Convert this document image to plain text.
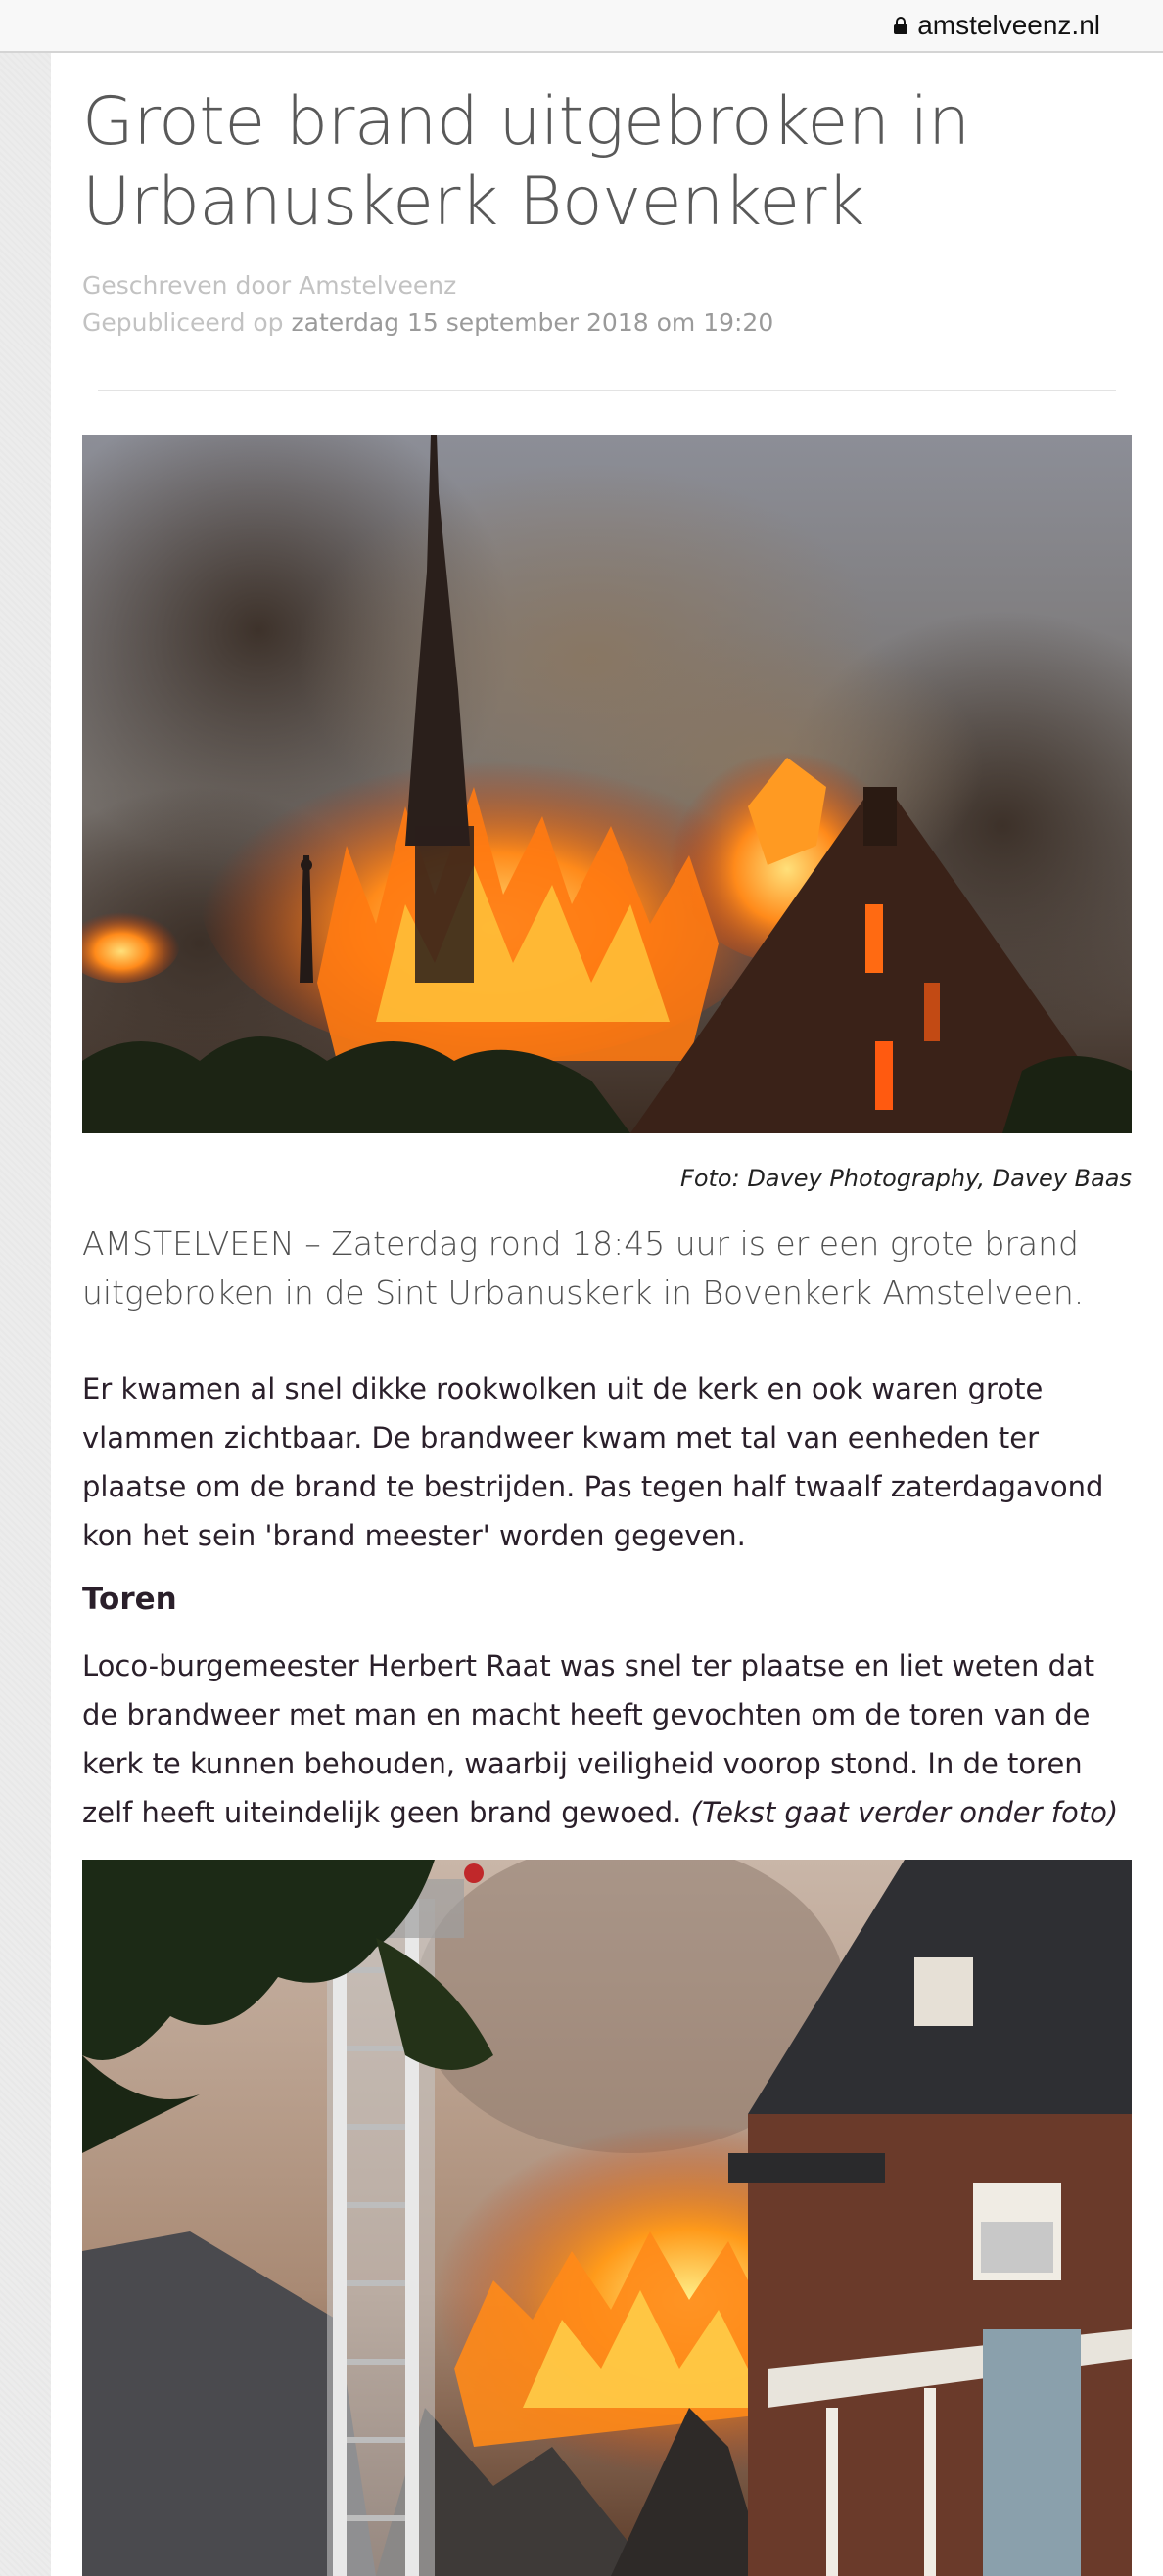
amstelveenz.nl
Grote brand uitgebroken in Urbanuskerk Bovenkerk
Geschreven door Amstelveenz
Gepubliceerd op zaterdag 15 september 2018 om 19:20
Foto: Davey Photography, Davey Baas

AMSTELVEEN – Zaterdag rond 18:45 uur is er een grote brand uitgebroken in de Sint Urbanuskerk in Bovenkerk Amstelveen.

Er kwamen al snel dikke rookwolken uit de kerk en ook waren grote vlammen zichtbaar. De brandweer kwam met tal van eenheden ter plaatse om de brand te bestrijden. Pas tegen half twaalf zaterdagavond kon het sein 'brand meester' worden gegeven.

Toren

Loco-burgemeester Herbert Raat was snel ter plaatse en liet weten dat de brandweer met man en macht heeft gevochten om de toren van de kerk te kunnen behouden, waarbij veiligheid voorop stond. In de toren zelf heeft uiteindelijk geen brand gewoed. (Tekst gaat verder onder foto)
